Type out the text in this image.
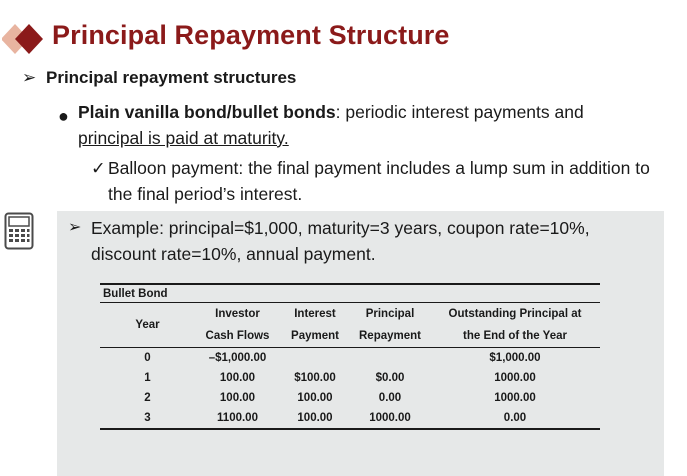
Principal Repayment Structure
➢ Principal repayment structures
● Plain vanilla bond/bullet bonds: periodic interest payments and
principal is paid at maturity.
✓ Balloon payment: the final payment includes a lump sum in addition to the final period’s interest.
➢ Example: principal=$1,000, maturity=3 years, coupon rate=10%, discount rate=10%, annual payment.
Bullet Bond				
Year	Investor	Interest	Principal	Outstanding Principal at
	Cash Flows	Payment	Repayment	the End of the Year
0	–$1,000.00			$1,000.00
1	100.00	$100.00	$0.00	1000.00
2	100.00	100.00	0.00	1000.00
3	1100.00	100.00	1000.00	0.00
